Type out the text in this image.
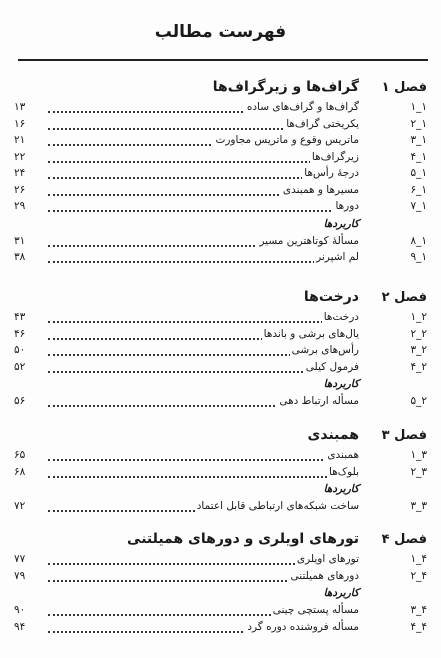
فهرست مطالب
فصل ۱
گراف‌ها و زیرگراف‌ها
۱_۱
گراف‌ها و گراف‌های ساده
۱۳
۱_۲
یکریختی گراف‌ها
۱۶
۱_۳
ماتریس وقوع و ماتریس مجاورت
۲۱
۱_۴
زیرگراف‌ها
۲۲
۱_۵
درجهٔ رأس‌ها
۲۴
۱_۶
مسیرها و همبندی
۲۶
۱_۷
دورها
۲۹
کاربردها
۱_۸
مسألهٔ کوتاهترین مسیر
۳۱
۱_۹
لم اشپرنر
۳۸
فصل ۲
درخت‌ها
۲_۱
درخت‌ها
۴۳
۲_۲
یال‌های برشی و باندها
۴۶
۲_۳
رأس‌های برشی
۵۰
۲_۴
فرمول کیلی
۵۲
کاربردها
۲_۵
مسأله ارتباط دهی
۵۶
فصل ۳
همبندی
۳_۱
همبندی
۶۵
۳_۲
بلوک‌ها
۶۸
کاربردها
۳_۳
ساخت شبکه‌های ارتباطی قابل اعتماد
۷۲
فصل ۴
تورهای اویلری و دورهای همیلتنی
۴_۱
تورهای اویلری
۷۷
۴_۲
دورهای همیلتنی
۷۹
کاربردها
۴_۳
مسأله پستچی چینی
۹۰
۴_۴
مسأله فروشنده دوره گرد
۹۴
